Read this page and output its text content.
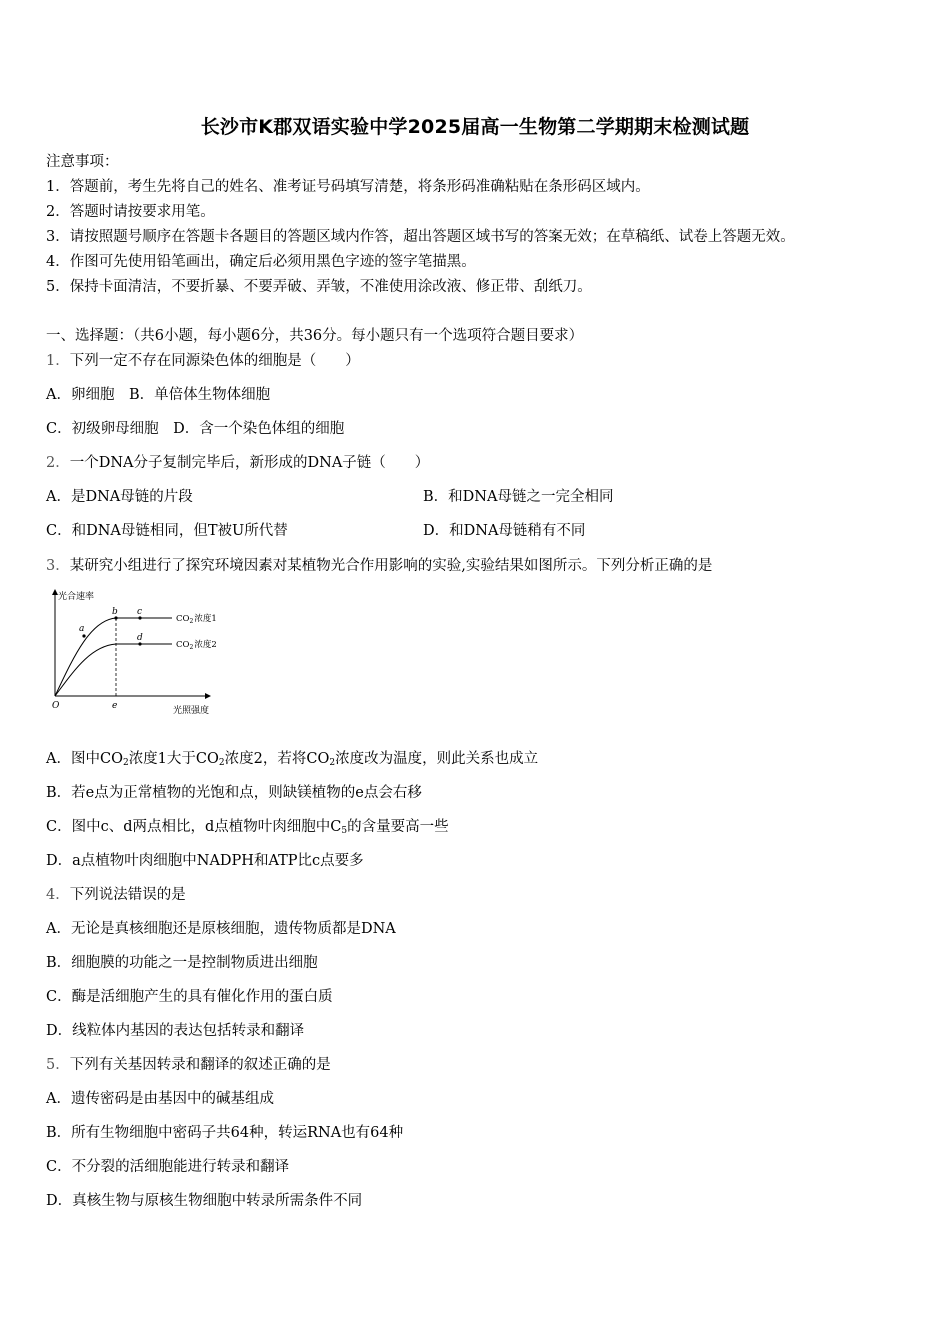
长沙市K郡双语实验中学2025届高一生物第二学期期末检测试题
注意事项：
1．答题前，考生先将自己的姓名、准考证号码填写清楚，将条形码准确粘贴在条形码区域内。
2．答题时请按要求用笔。
3．请按照题号顺序在答题卡各题目的答题区域内作答，超出答题区域书写的答案无效；在草稿纸、试卷上答题无效。
4．作图可先使用铅笔画出，确定后必须用黑色字迹的签字笔描黑。
5．保持卡面清洁，不要折暴、不要弄破、弄皱，不准使用涂改液、修正带、刮纸刀。
一、选择题：（共6小题，每小题6分，共36分。每小题只有一个选项符合题目要求）
1．下列一定不存在同源染色体的细胞是（　　）
A．卵细胞　B．单倍体生物体细胞
C．初级卵母细胞　D．含一个染色体组的细胞
2．一个DNA分子复制完毕后，新形成的DNA子链（　　）
A．是DNA母链的片段	B．和DNA母链之一完全相同
C．和DNA母链相同，但T被U所代替	D．和DNA母链稍有不同
3．某研究小组进行了探究环境因素对某植物光合作用影响的实验,实验结果如图所示。下列分析正确的是
光合速率
光照强度
O	e
a
b c
d
$CO_2$浓度1
$CO_2$浓度2
A．图中$CO_2$浓度1大于$CO_2$浓度2，若将$CO_2$浓度改为温度，则此关系也成立
B．若e点为正常植物的光饱和点，则缺镁植物的e点会右移
C．图中c、d两点相比，d点植物叶肉细胞中$C_5$的含量要高一些
D．a点植物叶肉细胞中NADPH和ATP比c点要多
4．下列说法错误的是
A．无论是真核细胞还是原核细胞，遗传物质都是DNA
B．细胞膜的功能之一是控制物质进出细胞
C．酶是活细胞产生的具有催化作用的蛋白质
D．线粒体内基因的表达包括转录和翻译
5．下列有关基因转录和翻译的叙述正确的是
A．遗传密码是由基因中的碱基组成
B．所有生物细胞中密码子共64种，转运RNA也有64种
C．不分裂的活细胞能进行转录和翻译
D．真核生物与原核生物细胞中转录所需条件不同
